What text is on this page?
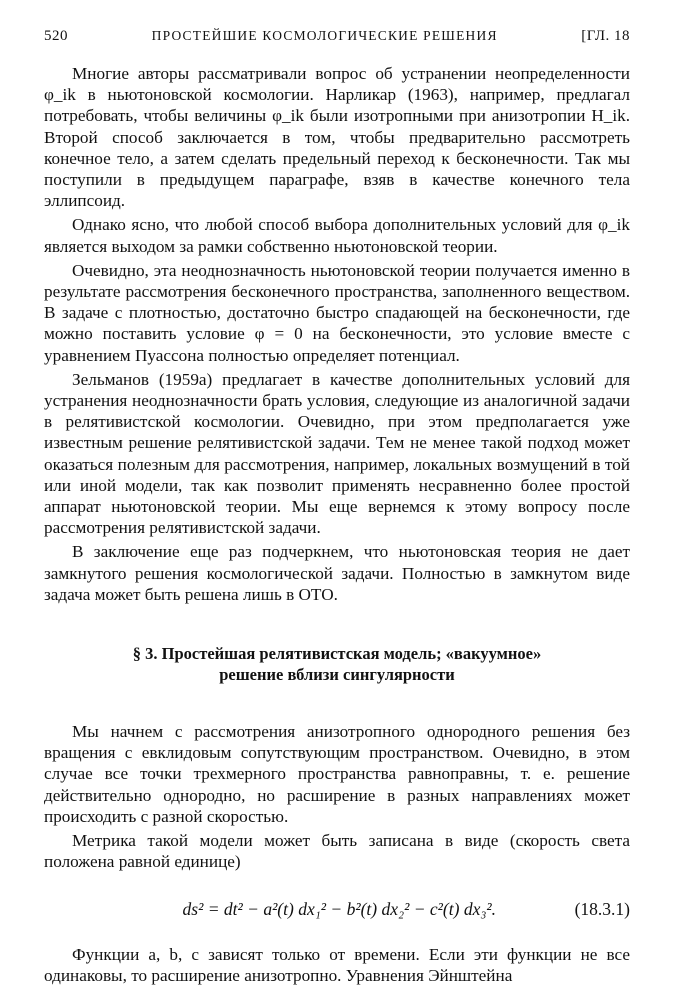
520	ПРОСТЕЙШИЕ КОСМОЛОГИЧЕСКИЕ РЕШЕНИЯ	[ГЛ. 18

Многие авторы рассматривали вопрос об устранении неопределенности φ_ik в ньютоновской космологии. Нарликар (1963), например, предлагал потребовать, чтобы величины φ_ik были изотропными при анизотропии H_ik. Второй способ заключается в том, чтобы предварительно рассмотреть конечное тело, а затем сделать предельный переход к бесконечности. Так мы поступили в предыдущем параграфе, взяв в качестве конечного тела эллипсоид.

Однако ясно, что любой способ выбора дополнительных условий для φ_ik является выходом за рамки собственно ньютоновской теории.

Очевидно, эта неоднозначность ньютоновской теории получается именно в результате рассмотрения бесконечного пространства, заполненного веществом. В задаче с плотностью, достаточно быстро спадающей на бесконечности, где можно поставить условие φ = 0 на бесконечности, это условие вместе с уравнением Пуассона полностью определяет потенциал.

Зельманов (1959а) предлагает в качестве дополнительных условий для устранения неоднозначности брать условия, следующие из аналогичной задачи в релятивистской космологии. Очевидно, при этом предполагается уже известным решение релятивистской задачи. Тем не менее такой подход может оказаться полезным для рассмотрения, например, локальных возмущений в той или иной модели, так как позволит применять несравненно более простой аппарат ньютоновской теории. Мы еще вернемся к этому вопросу после рассмотрения релятивистской задачи.

В заключение еще раз подчеркнем, что ньютоновская теория не дает замкнутого решения космологической задачи. Полностью в замкнутом виде задача может быть решена лишь в ОТО.

§ 3. Простейшая релятивистская модель; «вакуумное»
решение вблизи сингулярности

Мы начнем с рассмотрения анизотропного однородного решения без вращения с евклидовым сопутствующим пространством. Очевидно, в этом случае все точки трехмерного пространства равноправны, т. е. решение действительно однородно, но расширение в разных направлениях может происходить с разной скоростью.

Метрика такой модели может быть записана в виде (скорость света положена равной единице)

ds² = dt² − a²(t) dx₁² − b²(t) dx₂² − c²(t) dx₃².	(18.3.1)

Функции a, b, c зависят только от времени. Если эти функции не все одинаковы, то расширение анизотропно. Уравнения Эйнштейна
